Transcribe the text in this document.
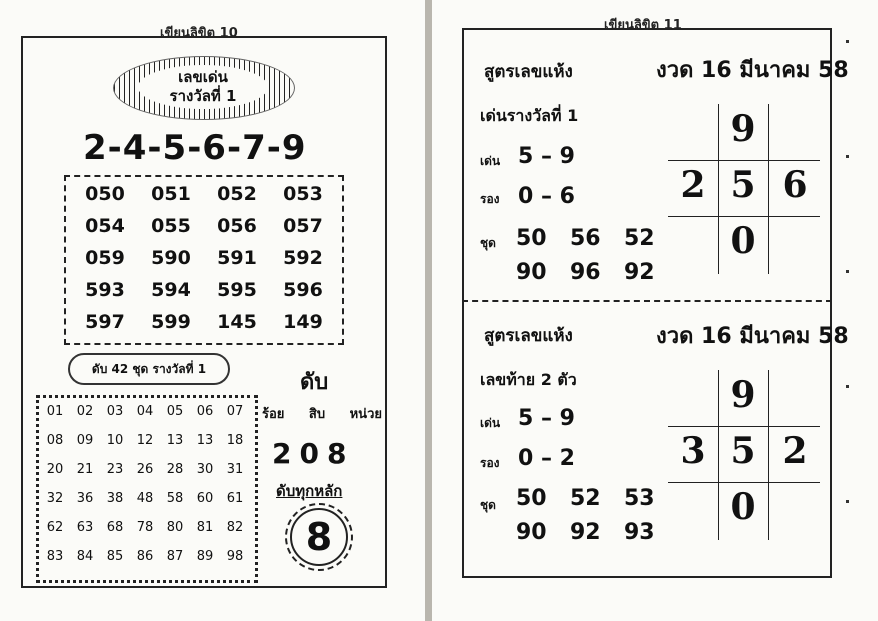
เขียนลิขิต 10
เลขเด่น
รางวัลที่ 1
2-4-5-6-7-9
050	051	052	053
054	055	056	057
059	590	591	592
593	594	595	596
597	599	145	149
ดับ 42 ชุด รางวัลที่ 1
01	02	03	04	05	06	07
08	09	10	12	13	13	18
20	21	23	26	28	30	31
32	36	38	48	58	60	61
62	63	68	78	80	81	82
83	84	85	86	87	89	98
ดับ
ร้อย สิบ หน่วย
208
ดับทุกหลัก
8
เขียนลิขิต 11
สูตรเลขแห้ง	งวด 16 มีนาคม 58
เด่นรางวัลที่ 1
เด่น 5 – 9
รอง 0 – 6
ชุด 50 56 52
90 96 92
9
2 5 6
0
สูตรเลขแห้ง	งวด 16 มีนาคม 58
เลขท้าย 2 ตัว
เด่น 5 – 9
รอง 0 – 2
ชุด 50 52 53
90 92 93
9
3 5 2
0
